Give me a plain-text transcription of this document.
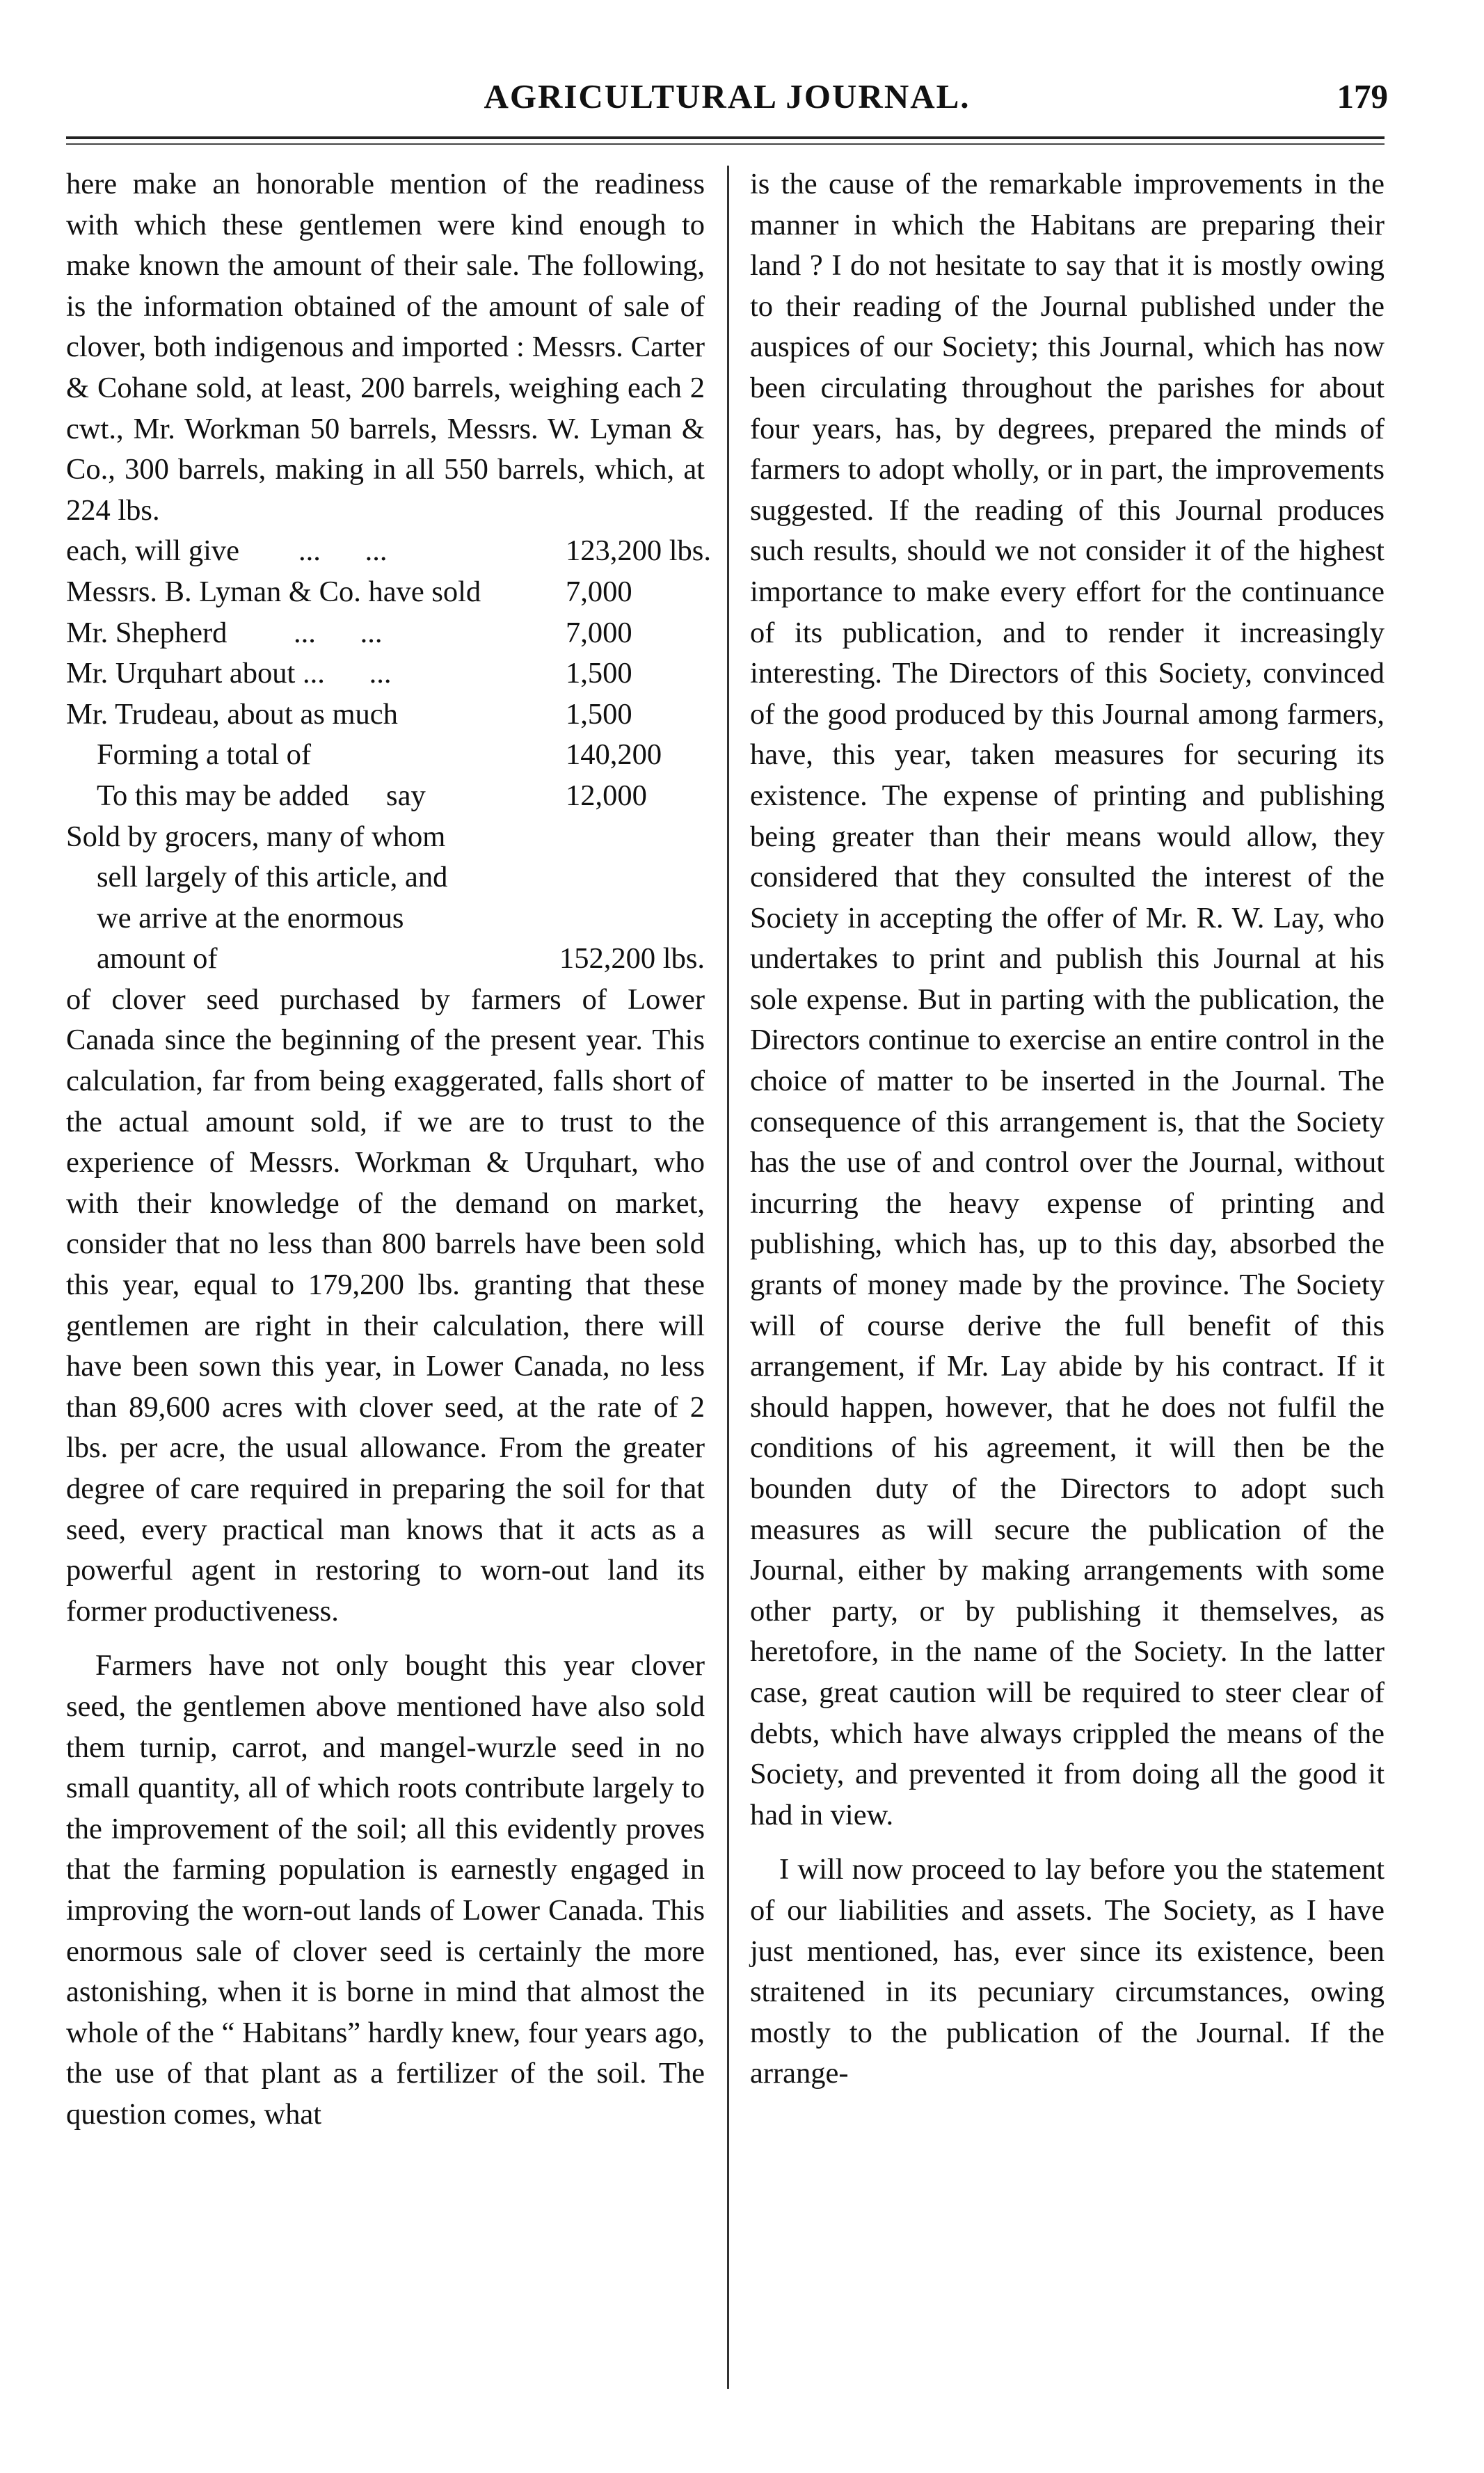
AGRICULTURAL JOURNAL.	179

here make an honorable mention of the readiness with which these gentlemen were kind enough to make known the amount of their sale. The following, is the information obtained of the amount of sale of clover, both indigenous and imported : Messrs. Carter & Cohane sold, at least, 200 barrels, weighing each 2 cwt., Mr. Workman 50 barrels, Messrs. W. Lyman & Co., 300 barrels, making in all 550 barrels, which, at 224 lbs.

each, will give        ...      ...	123,200 lbs.
Messrs. B. Lyman & Co. have sold	7,000
Mr. Shepherd         ...      ...	7,000
Mr. Urquhart about ...      ...	1,500
Mr. Trudeau, about as much	1,500
Forming a total of	140,200
To this may be added     say	12,000
Sold by grocers, many of whom
sell largely of this article, and
we arrive at the enormous
amount of	152,200 lbs.

of clover seed purchased by farmers of Lower Canada since the beginning of the present year. This calculation, far from being exaggerated, falls short of the actual amount sold, if we are to trust to the experience of Messrs. Workman & Urquhart, who with their knowledge of the demand on market, consider that no less than 800 barrels have been sold this year, equal to 179,200 lbs. granting that these gentlemen are right in their calculation, there will have been sown this year, in Lower Canada, no less than 89,600 acres with clover seed, at the rate of 2 lbs. per acre, the usual allowance. From the greater degree of care required in preparing the soil for that seed, every practical man knows that it acts as a powerful agent in restoring to worn-out land its former productiveness.

Farmers have not only bought this year clover seed, the gentlemen above mentioned have also sold them turnip, carrot, and mangel-wurzle seed in no small quantity, all of which roots contribute largely to the improvement of the soil; all this evidently proves that the farming population is earnestly engaged in improving the worn-out lands of Lower Canada. This enormous sale of clover seed is certainly the more astonishing, when it is borne in mind that almost the whole of the “ Habitans” hardly knew, four years ago, the use of that plant as a fertilizer of the soil. The question comes, what

is the cause of the remarkable improvements in the manner in which the Habitans are preparing their land ? I do not hesitate to say that it is mostly owing to their reading of the Journal published under the auspices of our Society; this Journal, which has now been circulating throughout the parishes for about four years, has, by degrees, prepared the minds of farmers to adopt wholly, or in part, the improvements suggested. If the reading of this Journal produces such results, should we not consider it of the highest importance to make every effort for the continuance of its publication, and to render it increasingly interesting. The Directors of this Society, convinced of the good produced by this Journal among farmers, have, this year, taken measures for securing its existence. The expense of printing and publishing being greater than their means would allow, they considered that they consulted the interest of the Society in accepting the offer of Mr. R. W. Lay, who undertakes to print and publish this Journal at his sole expense. But in parting with the publication, the Directors continue to exercise an entire control in the choice of matter to be inserted in the Journal. The consequence of this arrangement is, that the Society has the use of and control over the Journal, without incurring the heavy expense of printing and publishing, which has, up to this day, absorbed the grants of money made by the province. The Society will of course derive the full benefit of this arrangement, if Mr. Lay abide by his contract. If it should happen, however, that he does not fulfil the conditions of his agreement, it will then be the bounden duty of the Directors to adopt such measures as will secure the publication of the Journal, either by making arrangements with some other party, or by publishing it themselves, as heretofore, in the name of the Society. In the latter case, great caution will be required to steer clear of debts, which have always crippled the means of the Society, and prevented it from doing all the good it had in view.

I will now proceed to lay before you the statement of our liabilities and assets. The Society, as I have just mentioned, has, ever since its existence, been straitened in its pecuniary circumstances, owing mostly to the publication of the Journal. If the arrange-
